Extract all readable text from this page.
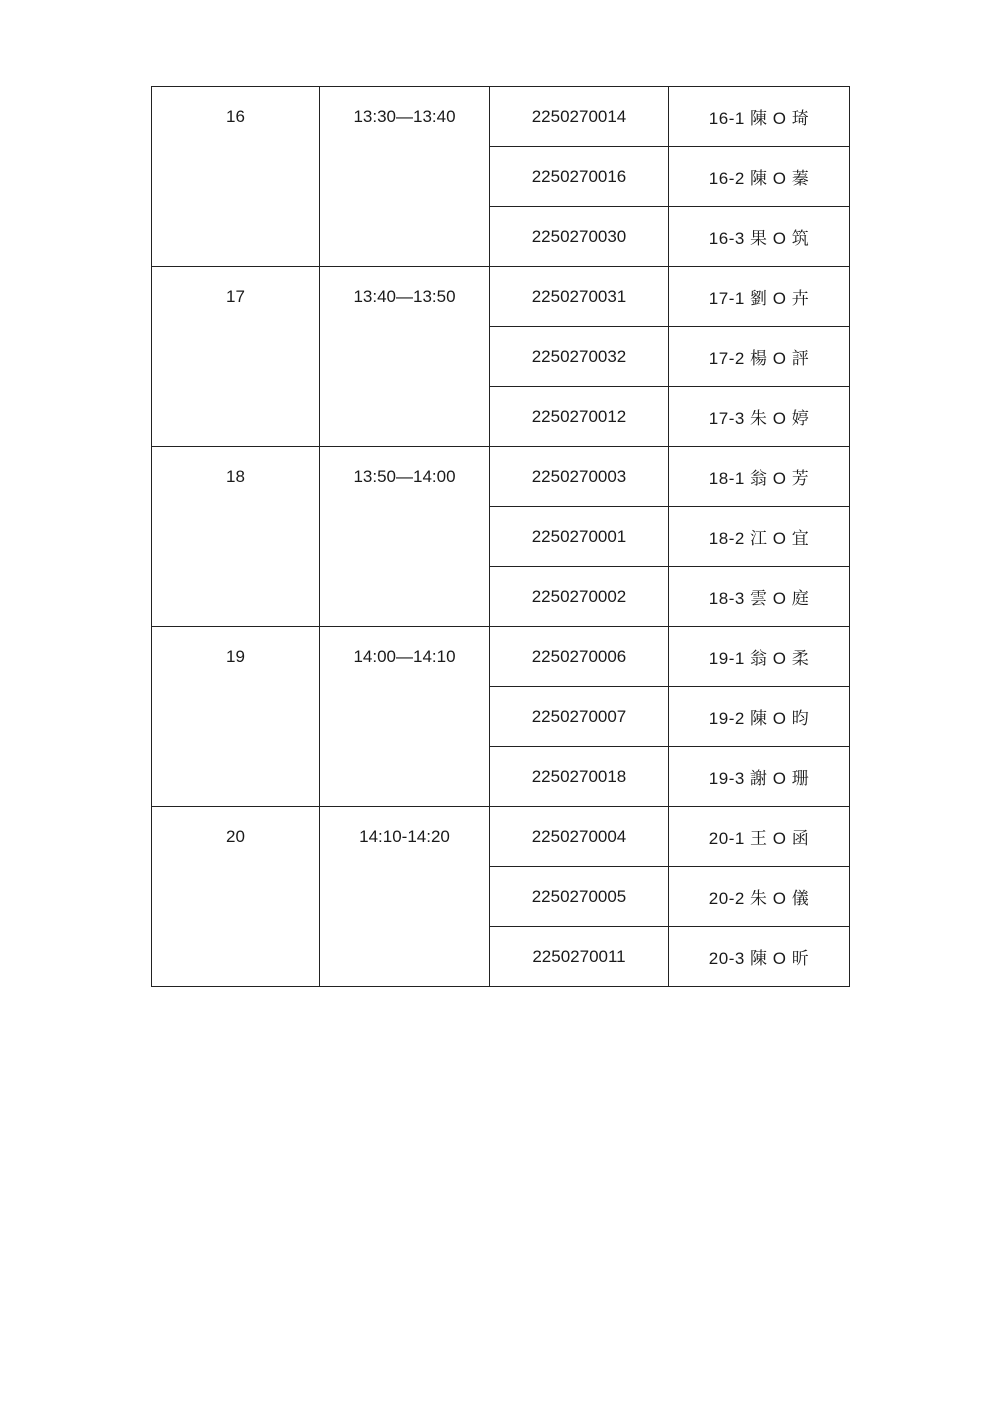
16	13:30—13:40	2250270014	16-1 陳 O 琦
		2250270016	16-2 陳 O 蓁
		2250270030	16-3 果 O 筑
17	13:40—13:50	2250270031	17-1 劉 O 卉
		2250270032	17-2 楊 O 評
		2250270012	17-3 朱 O 婷
18	13:50—14:00	2250270003	18-1 翁 O 芳
		2250270001	18-2 江 O 宜
		2250270002	18-3 雲 O 庭
19	14:00—14:10	2250270006	19-1 翁 O 柔
		2250270007	19-2 陳 O 昀
		2250270018	19-3 謝 O 珊
20	14:10-14:20	2250270004	20-1 王 O 函
		2250270005	20-2 朱 O 儀
		2250270011	20-3 陳 O 昕
